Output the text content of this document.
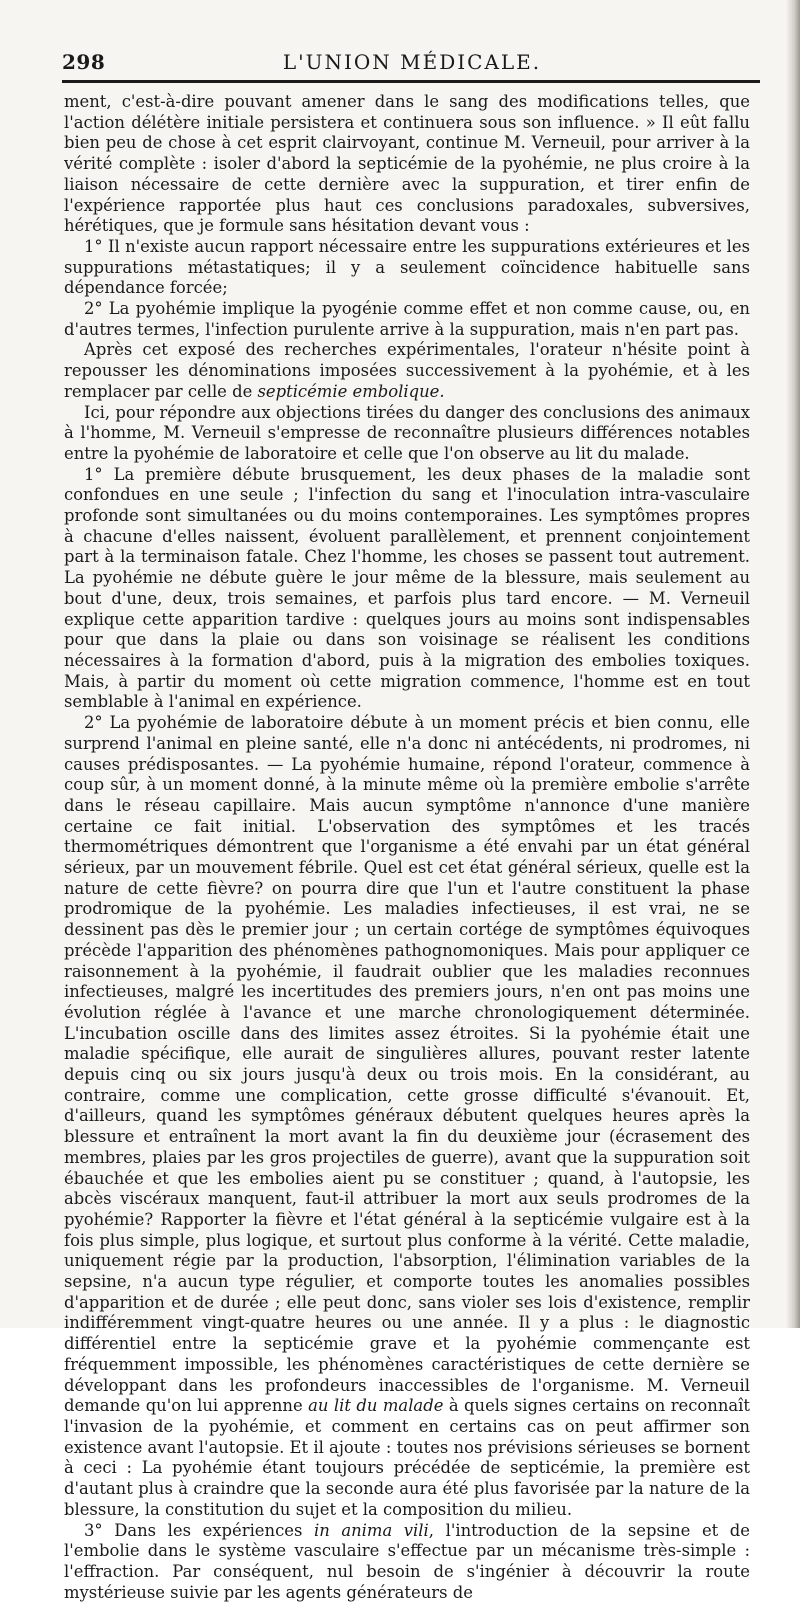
298	L'UNION MÉDICALE.

ment, c'est-à-dire pouvant amener dans le sang des modifications telles, que l'action délétère initiale persistera et continuera sous son influence. » Il eût fallu bien peu de chose à cet esprit clairvoyant, continue M. Verneuil, pour arriver à la vérité complète : isoler d'abord la septicémie de la pyohémie, ne plus croire à la liaison nécessaire de cette dernière avec la suppuration, et tirer enfin de l'expérience rapportée plus haut ces conclusions paradoxales, subversives, hérétiques, que je formule sans hésitation devant vous :

1° Il n'existe aucun rapport nécessaire entre les suppurations extérieures et les suppurations métastatiques; il y a seulement coïncidence habituelle sans dépendance forcée;

2° La pyohémie implique la pyogénie comme effet et non comme cause, ou, en d'autres termes, l'infection purulente arrive à la suppuration, mais n'en part pas.

Après cet exposé des recherches expérimentales, l'orateur n'hésite point à repousser les dénominations imposées successivement à la pyohémie, et à les remplacer par celle de septicémie embolique.

Ici, pour répondre aux objections tirées du danger des conclusions des animaux à l'homme, M. Verneuil s'empresse de reconnaître plusieurs différences notables entre la pyohémie de laboratoire et celle que l'on observe au lit du malade.

1° La première débute brusquement, les deux phases de la maladie sont confondues en une seule ; l'infection du sang et l'inoculation intra-vasculaire profonde sont simultanées ou du moins contemporaines. Les symptômes propres à chacune d'elles naissent, évoluent parallèlement, et prennent conjointement part à la terminaison fatale. Chez l'homme, les choses se passent tout autrement. La pyohémie ne débute guère le jour même de la blessure, mais seulement au bout d'une, deux, trois semaines, et parfois plus tard encore. — M. Verneuil explique cette apparition tardive : quelques jours au moins sont indispensables pour que dans la plaie ou dans son voisinage se réalisent les conditions nécessaires à la formation d'abord, puis à la migration des embolies toxiques. Mais, à partir du moment où cette migration commence, l'homme est en tout semblable à l'animal en expérience.

2° La pyohémie de laboratoire débute à un moment précis et bien connu, elle surprend l'animal en pleine santé, elle n'a donc ni antécédents, ni prodromes, ni causes prédisposantes. — La pyohémie humaine, répond l'orateur, commence à coup sûr, à un moment donné, à la minute même où la première embolie s'arrête dans le réseau capillaire. Mais aucun symptôme n'annonce d'une manière certaine ce fait initial. L'observation des symptômes et les tracés thermométriques démontrent que l'organisme a été envahi par un état général sérieux, par un mouvement fébrile. Quel est cet état général sérieux, quelle est la nature de cette fièvre? on pourra dire que l'un et l'autre constituent la phase prodromique de la pyohémie. Les maladies infectieuses, il est vrai, ne se dessinent pas dès le premier jour ; un certain cortége de symptômes équivoques précède l'apparition des phénomènes pathognomoniques. Mais pour appliquer ce raisonnement à la pyohémie, il faudrait oublier que les maladies reconnues infectieuses, malgré les incertitudes des premiers jours, n'en ont pas moins une évolution réglée à l'avance et une marche chronologiquement déterminée. L'incubation oscille dans des limites assez étroites. Si la pyohémie était une maladie spécifique, elle aurait de singulières allures, pouvant rester latente depuis cinq ou six jours jusqu'à deux ou trois mois. En la considérant, au contraire, comme une complication, cette grosse difficulté s'évanouit. Et, d'ailleurs, quand les symptômes généraux débutent quelques heures après la blessure et entraînent la mort avant la fin du deuxième jour (écrasement des membres, plaies par les gros projectiles de guerre), avant que la suppuration soit ébauchée et que les embolies aient pu se constituer ; quand, à l'autopsie, les abcès viscéraux manquent, faut-il attribuer la mort aux seuls prodromes de la pyohémie? Rapporter la fièvre et l'état général à la septicémie vulgaire est à la fois plus simple, plus logique, et surtout plus conforme à la vérité. Cette maladie, uniquement régie par la production, l'absorption, l'élimination variables de la sepsine, n'a aucun type régulier, et comporte toutes les anomalies possibles d'apparition et de durée ; elle peut donc, sans violer ses lois d'existence, remplir indifféremment vingt-quatre heures ou une année. Il y a plus : le diagnostic différentiel entre la septicémie grave et la pyohémie commençante est fréquemment impossible, les phénomènes caractéristiques de cette dernière se développant dans les profondeurs inaccessibles de l'organisme. M. Verneuil demande qu'on lui apprenne au lit du malade à quels signes certains on reconnaît l'invasion de la pyohémie, et comment en certains cas on peut affirmer son existence avant l'autopsie. Et il ajoute : toutes nos prévisions sérieuses se bornent à ceci : La pyohémie étant toujours précédée de septicémie, la première est d'autant plus à craindre que la seconde aura été plus favorisée par la nature de la blessure, la constitution du sujet et la composition du milieu.

3° Dans les expériences in anima vili, l'introduction de la sepsine et de l'embolie dans le système vasculaire s'effectue par un mécanisme très-simple : l'effraction. Par conséquent, nul besoin de s'ingénier à découvrir la route mystérieuse suivie par les agents générateurs de
